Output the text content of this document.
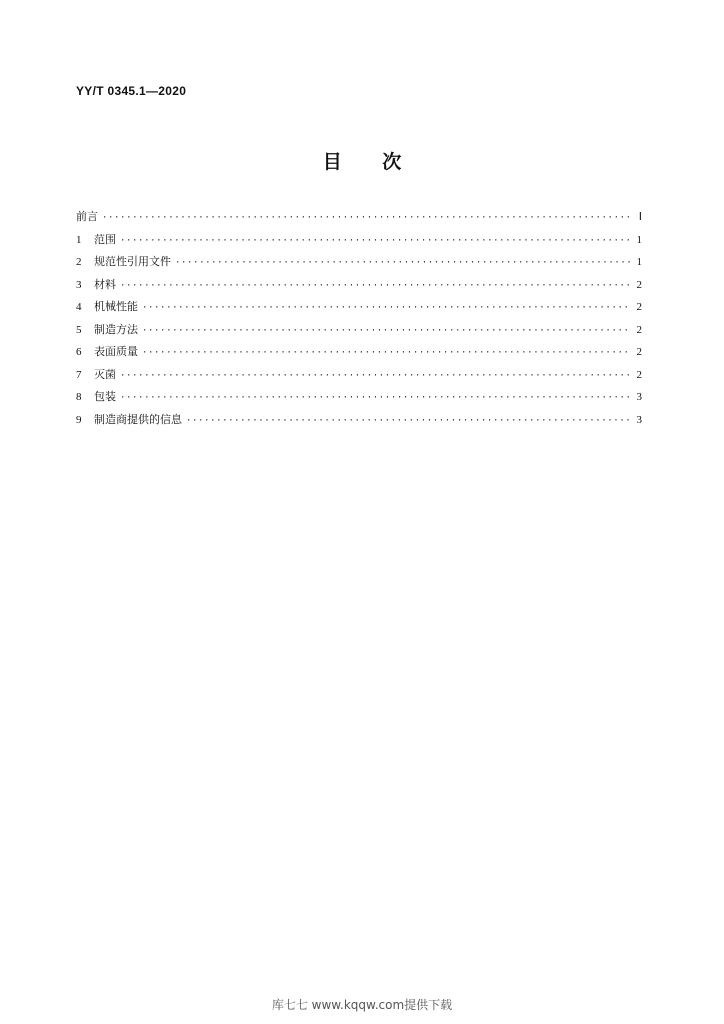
YY/T 0345.1—2020
目 次
前言 ·····	Ⅰ
1	范围 ·····	1
2	规范性引用文件 ·····	1
3	材料 ·····	2
4	机械性能 ·····	2
5	制造方法 ·····	2
6	表面质量 ·····	2
7	灭菌 ·····	2
8	包装 ·····	3
9	制造商提供的信息 ·····	3
库七七 www.kqqw.com提供下载
